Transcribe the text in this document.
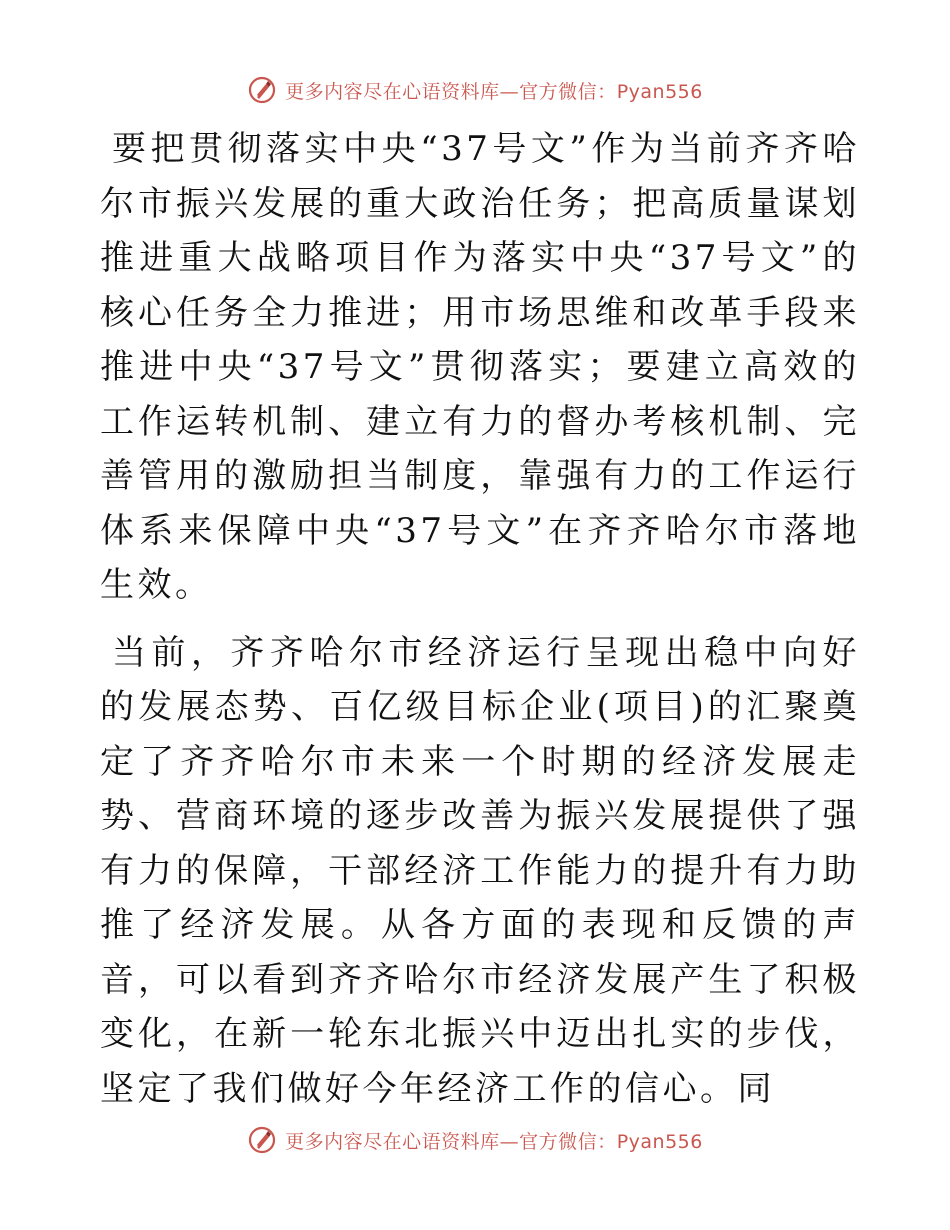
更多内容尽在心语资料库—官方微信：Pyan556

要把贯彻落实中央“37号文”作为当前齐齐哈尔市振兴发展的重大政治任务；把高质量谋划推进重大战略项目作为落实中央“37号文”的核心任务全力推进；用市场思维和改革手段来推进中央“37号文”贯彻落实；要建立高效的工作运转机制、建立有力的督办考核机制、完善管用的激励担当制度，靠强有力的工作运行体系来保障中央“37号文”在齐齐哈尔市落地生效。

当前，齐齐哈尔市经济运行呈现出稳中向好的发展态势、百亿级目标企业(项目)的汇聚奠定了齐齐哈尔市未来一个时期的经济发展走势、营商环境的逐步改善为振兴发展提供了强有力的保障，干部经济工作能力的提升有力助推了经济发展。从各方面的表现和反馈的声音，可以看到齐齐哈尔市经济发展产生了积极变化，在新一轮东北振兴中迈出扎实的步伐，坚定了我们做好今年经济工作的信心。同

更多内容尽在心语资料库—官方微信：Pyan556
